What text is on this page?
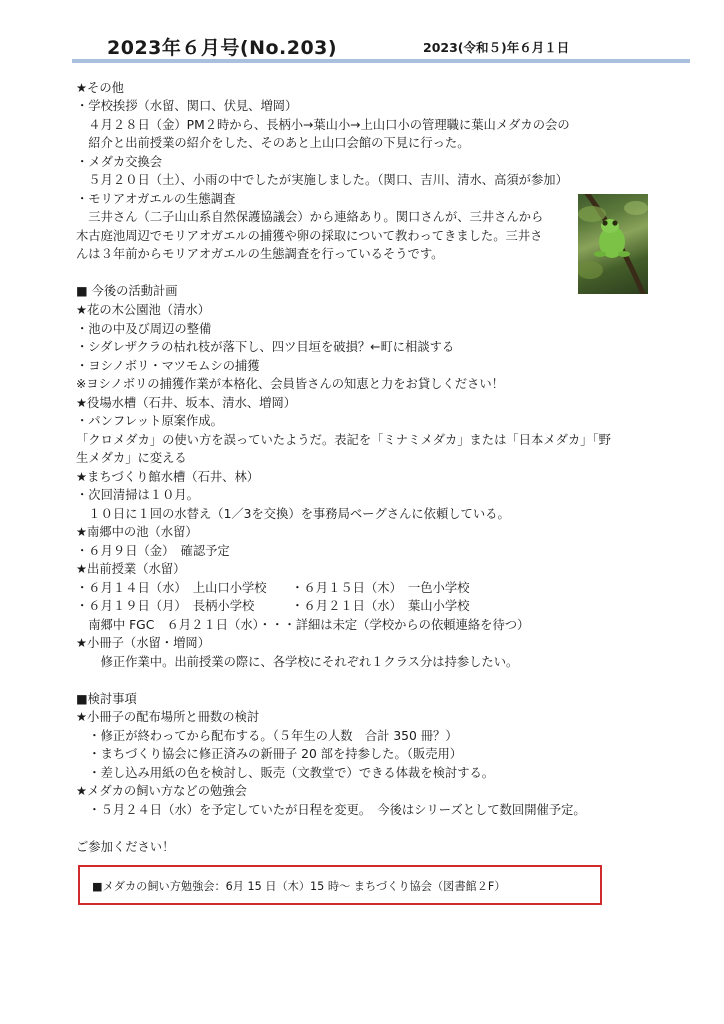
2023年６月号(No.203)	2023(令和５)年６月１日
★その他
・学校挨拶（水留、関口、伏見、増岡）
　４月２８日（金）PM２時から、長柄小→葉山小→上山口小の管理職に葉山メダカの会の
　紹介と出前授業の紹介をした、そのあと上山口会館の下見に行った。
・メダカ交換会
　５月２０日（土）、小雨の中でしたが実施しました。（関口、吉川、清水、高須が参加）
・モリアオガエルの生態調査
　三井さん（二子山山系自然保護協議会）から連絡あり。関口さんが、三井さんから
木古庭池周辺でモリアオガエルの捕獲や卵の採取について教わってきました。三井さ
んは３年前からモリアオガエルの生態調査を行っているそうです。
■ 今後の活動計画
★花の木公園池（清水）
・池の中及び周辺の整備
・シダレザクラの枯れ枝が落下し、四ツ目垣を破損？←町に相談する
・ヨシノボリ・マツモムシの捕獲
※ヨシノボリの捕獲作業が本格化、会員皆さんの知恵と力をお貸しください！
★役場水槽（石井、坂本、清水、増岡）
・パンフレット原案作成。
「クロメダカ」の使い方を誤っていたようだ。表記を「ミナミメダカ」または「日本メダカ」「野
生メダカ」に変える
★まちづくり館水槽（石井、林）
・次回清掃は１０月。
　１０日に１回の水替え（1／3を交換）を事務局ベーグさんに依頼している。
★南郷中の池（水留）
・６月９日（金）　確認予定
★出前授業（水留）
・６月１４日（水）　上山口小学校　　・６月１５日（木）　一色小学校
・６月１９日（月）　長柄小学校　　　・６月２１日（水）　葉山小学校
　南郷中 FGC　６月２１日（水）・・・詳細は未定（学校からの依頼連絡を待つ）
★小冊子（水留・増岡）
　　修正作業中。出前授業の際に、各学校にそれぞれ１クラス分は持参したい。
■検討事項
★小冊子の配布場所と冊数の検討
　・修正が終わってから配布する。（５年生の人数　合計 350 冊？）
　・まちづくり協会に修正済みの新冊子 20 部を持参した。（販売用）
　・差し込み用紙の色を検討し、販売（文教堂で）できる体裁を検討する。
★メダカの飼い方などの勉強会
　・５月２４日（水）を予定していたが日程を変更。　今後はシリーズとして数回開催予定。
ご参加ください！
■メダカの飼い方勉強会：6月 15 日（木）15 時～ まちづくり協会（図書館２F）
